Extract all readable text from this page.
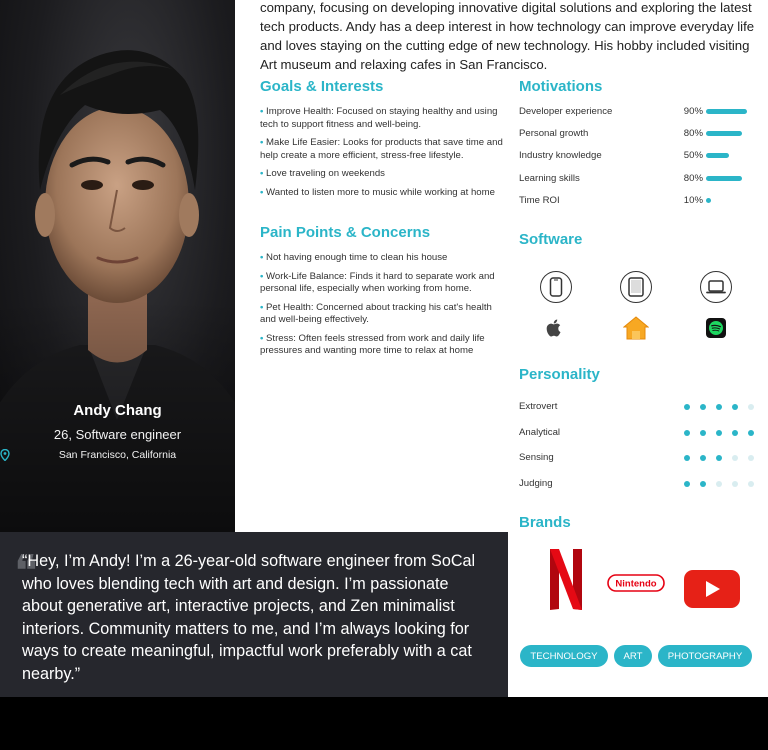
Andy Chang
26, Software engineer
San Francisco, California

company, focusing on developing innovative digital solutions and exploring the latest tech products. Andy has a deep interest in how technology can improve everyday life and loves staying on the cutting edge of new technology. His hobby included visiting Art museum and relaxing cafes in San Francisco.

Goals & Interests
• Improve Health: Focused on staying healthy and using tech to support fitness and well-being.
• Make Life Easier: Looks for products that save time and help create a more efficient, stress-free lifestyle.
• Love traveling on weekends
• Wanted to listen more to music while working at home
Pain Points & Concerns
• Not having enough time to clean his house
• Work-Life Balance: Finds it hard to separate work and personal life, especially when working from home.
• Pet Health: Concerned about tracking his cat's health and well-being effectively.
• Stress: Often feels stressed from work and daily life pressures and wanting more time to relax at home
Motivations
Developer experience	90%
Personal growth	80%
Industry knowledge	50%
Learning skills	80%
Time ROI	10%
Software
Personality
Extrovert
Analytical
Sensing
Judging
Brands
❝

“Hey, I’m Andy! I’m a 26-year-old software engineer from SoCal who loves blending tech with art and design. I’m passionate about generative art, interactive projects, and Zen minimalist interiors. Community matters to me, and I’m always looking for ways to create meaningful, impactful work preferably with a cat nearby.”

Nintendo
TECHNOLOGY	ART	PHOTOGRAPHY
